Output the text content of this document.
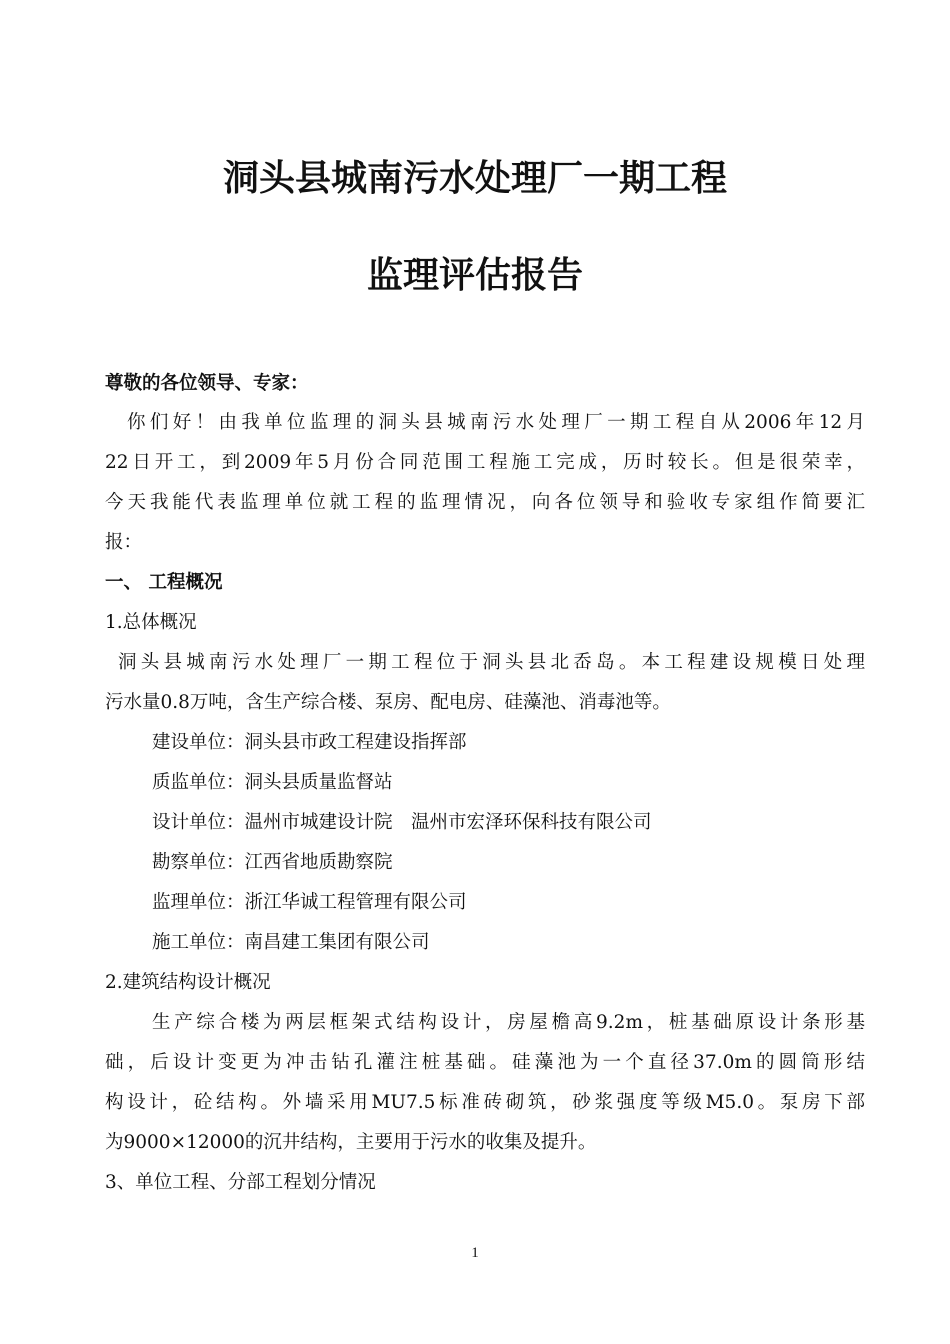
洞头县城南污水处理厂一期工程
监理评估报告
尊敬的各位领导、专家：
你们好！由我单位监理的洞头县城南污水处理厂一期工程自从2006年12月
22日开工，到2009年5月份合同范围工程施工完成，历时较长。但是很荣幸，
今天我能代表监理单位就工程的监理情况，向各位领导和验收专家组作简要汇
报：
一、 工程概况
1.总体概况
洞头县城南污水处理厂一期工程位于洞头县北岙岛。本工程建设规模日处理
污水量0.8万吨，含生产综合楼、泵房、配电房、硅藻池、消毒池等。
建设单位：洞头县市政工程建设指挥部
质监单位：洞头县质量监督站
设计单位：温州市城建设计院　温州市宏泽环保科技有限公司
勘察单位：江西省地质勘察院
监理单位：浙江华诚工程管理有限公司
施工单位：南昌建工集团有限公司
2.建筑结构设计概况
生产综合楼为两层框架式结构设计，房屋檐高9.2m，桩基础原设计条形基
础，后设计变更为冲击钻孔灌注桩基础。硅藻池为一个直径37.0m的圆筒形结
构设计，砼结构。外墙采用MU7.5标准砖砌筑，砂浆强度等级M5.0。泵房下部
为9000×12000的沉井结构，主要用于污水的收集及提升。
3、单位工程、分部工程划分情况
1
